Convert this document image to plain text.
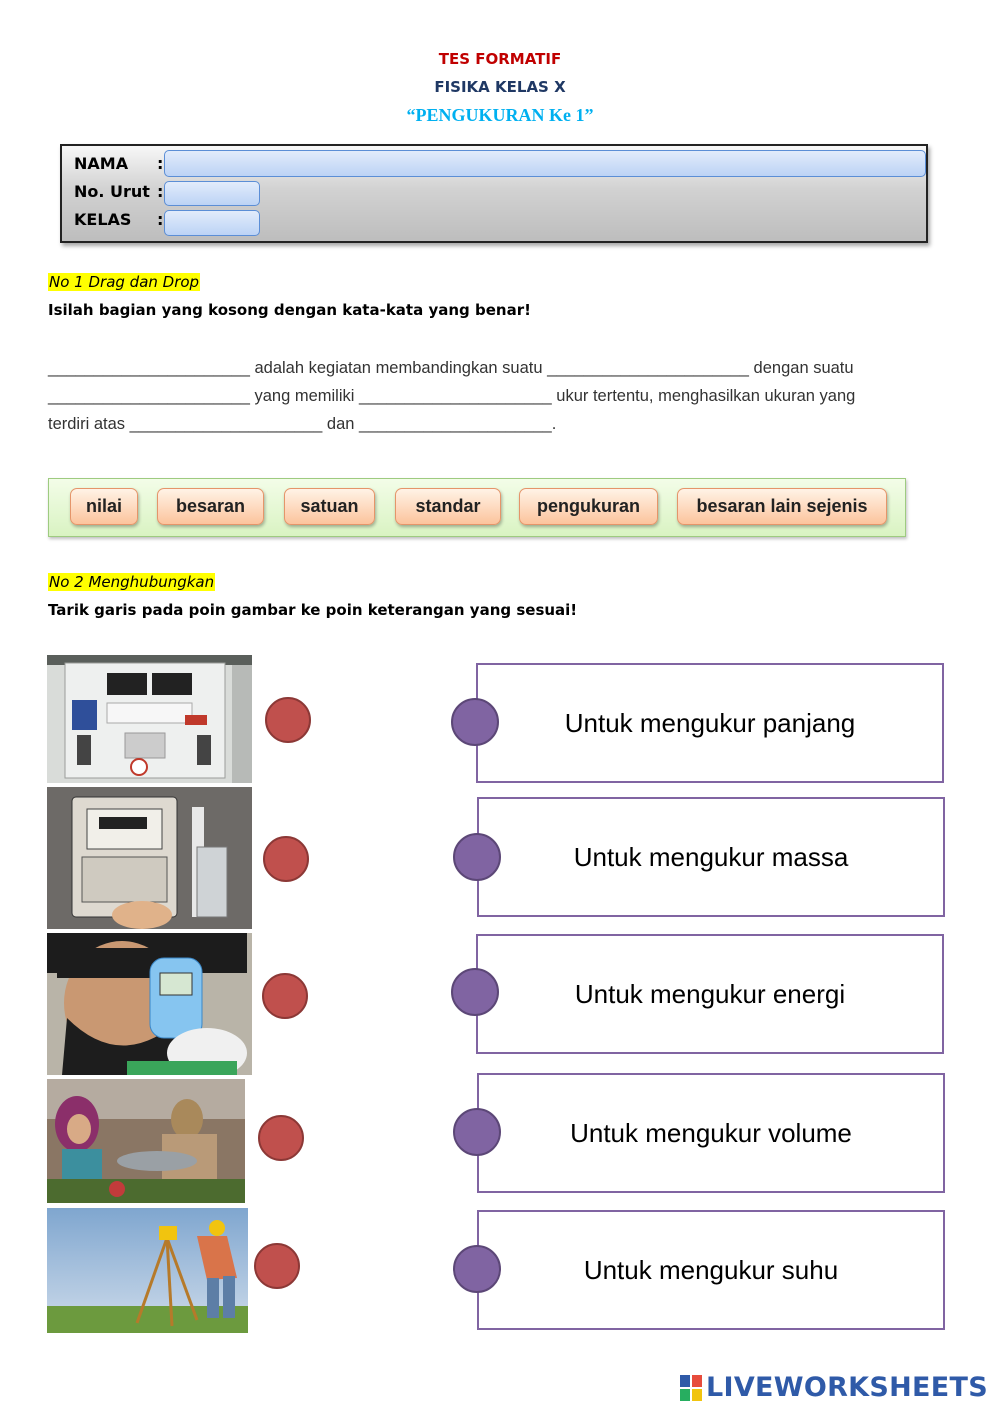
TES FORMATIF
FISIKA KELAS X
“PENGUKURAN Ke 1”
NAMA :
No. Urut :
KELAS :
No 1 Drag dan Drop
Isilah bagian yang kosong dengan kata-kata yang benar!
______________________ adalah kegiatan membandingkan suatu ______________________ dengan suatu
______________________ yang memiliki _____________________ ukur tertentu, menghasilkan ukuran yang
terdiri atas _____________________ dan _____________________.
nilai	besaran	satuan	standar	pengukuran	besaran lain sejenis
No 2 Menghubungkan
Tarik garis pada poin gambar ke poin keterangan yang sesuai!
Untuk mengukur panjang
Untuk mengukur massa
Untuk mengukur energi
Untuk mengukur volume
Untuk mengukur suhu
LIVEWORKSHEETS
